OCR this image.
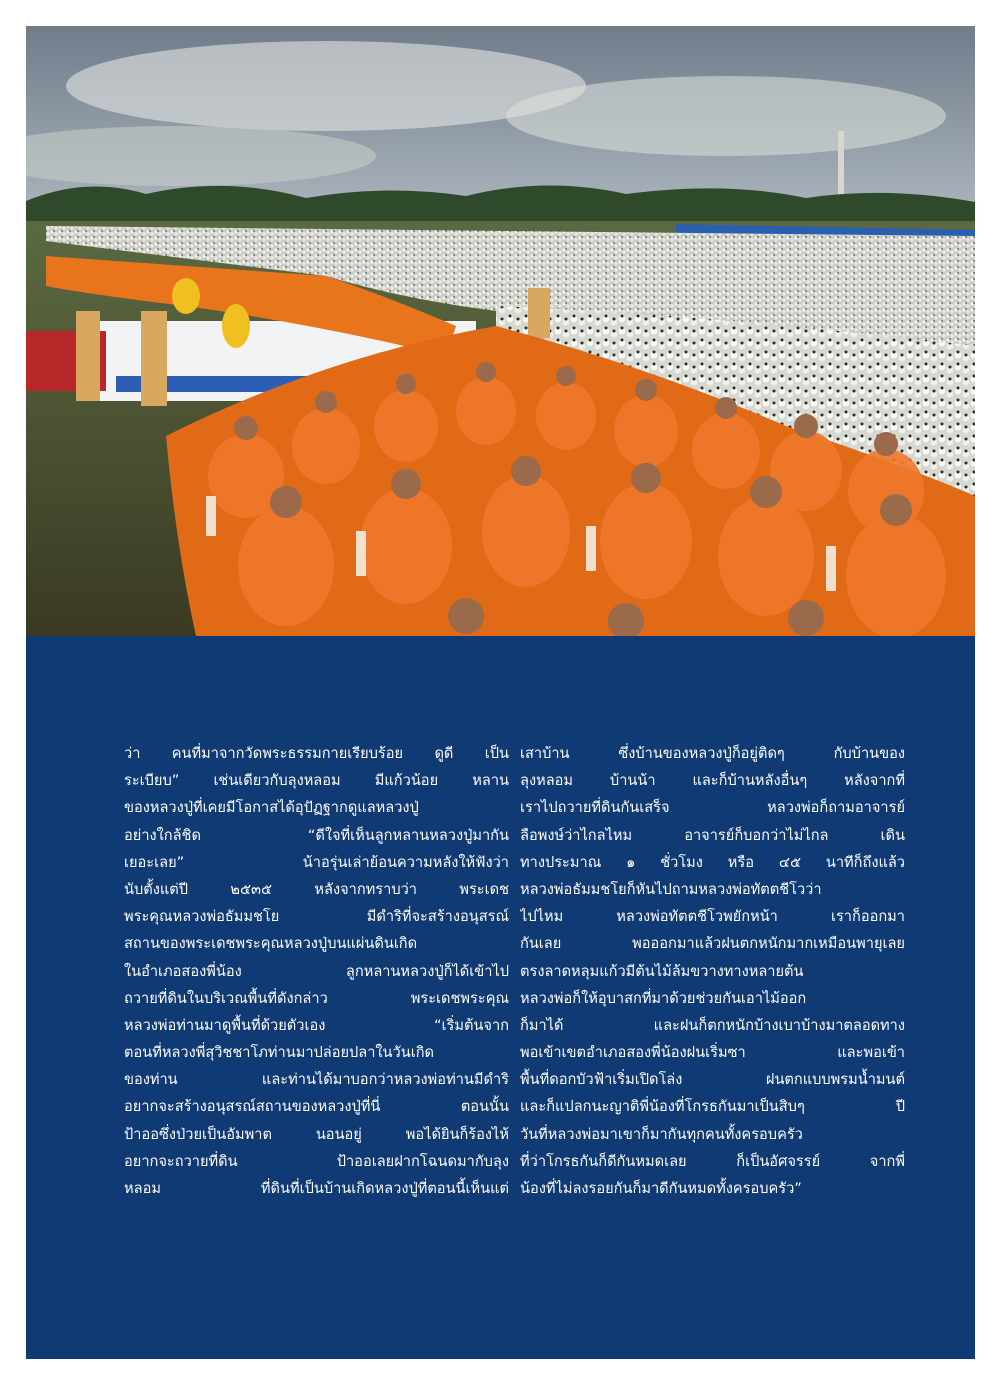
ว่า คนที่มาจากวัดพระธรรมกายเรียบร้อย ดูดี เป็น
ระเบียบ” เช่นเดียวกับลุงหลอม มีแก้วน้อย หลาน
ของหลวงปู่ที่เคยมีโอกาสได้อุปัฏฐากดูแลหลวงปู่
อย่างใกล้ชิด “ดีใจที่เห็นลูกหลานหลวงปู่มากัน
เยอะเลย” น้าอรุ่นเล่าย้อนความหลังให้ฟังว่า
นับตั้งแต่ปี ๒๕๓๕ หลังจากทราบว่า พระเดช
พระคุณหลวงพ่อธัมมชโย มีดำริที่จะสร้างอนุสรณ์
สถานของพระเดชพระคุณหลวงปู่บนแผ่นดินเกิด
ในอำเภอสองพี่น้อง ลูกหลานหลวงปู่ก็ได้เข้าไป
ถวายที่ดินในบริเวณพื้นที่ดังกล่าว พระเดชพระคุณ
หลวงพ่อท่านมาดูพื้นที่ด้วยตัวเอง “เริ่มต้นจาก
ตอนที่หลวงพี่สุวิชชาโภท่านมาปล่อยปลาในวันเกิด
ของท่าน และท่านได้มาบอกว่าหลวงพ่อท่านมีดำริ
อยากจะสร้างอนุสรณ์สถานของหลวงปู่ที่นี่ ตอนนั้น
ป้าออซึ่งป่วยเป็นอัมพาต นอนอยู่ พอได้ยินก็ร้องไห้
อยากจะถวายที่ดิน ป้าออเลยฝากโฉนดมากับลุง
หลอม ที่ดินที่เป็นบ้านเกิดหลวงปู่ที่ตอนนี้เห็นแต่
เสาบ้าน ซึ่งบ้านของหลวงปู่ก็อยู่ติดๆ กับบ้านของ
ลุงหลอม บ้านน้า และก็บ้านหลังอื่นๆ หลังจากที่
เราไปถวายที่ดินกันเสร็จ หลวงพ่อก็ถามอาจารย์
ลือพงษ์ว่าไกลไหม อาจารย์ก็บอกว่าไม่ไกล เดิน
ทางประมาณ ๑ ชั่วโมง หรือ ๔๕ นาทีก็ถึงแล้ว
หลวงพ่อธัมมชโยก็หันไปถามหลวงพ่อทัตตชีโวว่า
ไปไหม หลวงพ่อทัตตชีโวพยักหน้า เราก็ออกมา
กันเลย พอออกมาแล้วฝนตกหนักมากเหมือนพายุเลย
ตรงลาดหลุมแก้วมีต้นไม้ล้มขวางทางหลายต้น
หลวงพ่อก็ให้อุบาสกที่มาด้วยช่วยกันเอาไม้ออก
ก็มาได้ และฝนก็ตกหนักบ้างเบาบ้างมาตลอดทาง
พอเข้าเขตอำเภอสองพี่น้องฝนเริ่มซา และพอเข้า
พื้นที่ดอกบัวฟ้าเริ่มเปิดโล่ง ฝนตกแบบพรมน้ำมนต์
และก็แปลกนะญาติพี่น้องที่โกรธกันมาเป็นสิบๆ ปี
วันที่หลวงพ่อมาเขาก็มากันทุกคนทั้งครอบครัว
ที่ว่าโกรธกันก็ดีกันหมดเลย ก็เป็นอัศจรรย์ จากพี่
น้องที่ไม่ลงรอยกันก็มาดีกันหมดทั้งครอบครัว”
